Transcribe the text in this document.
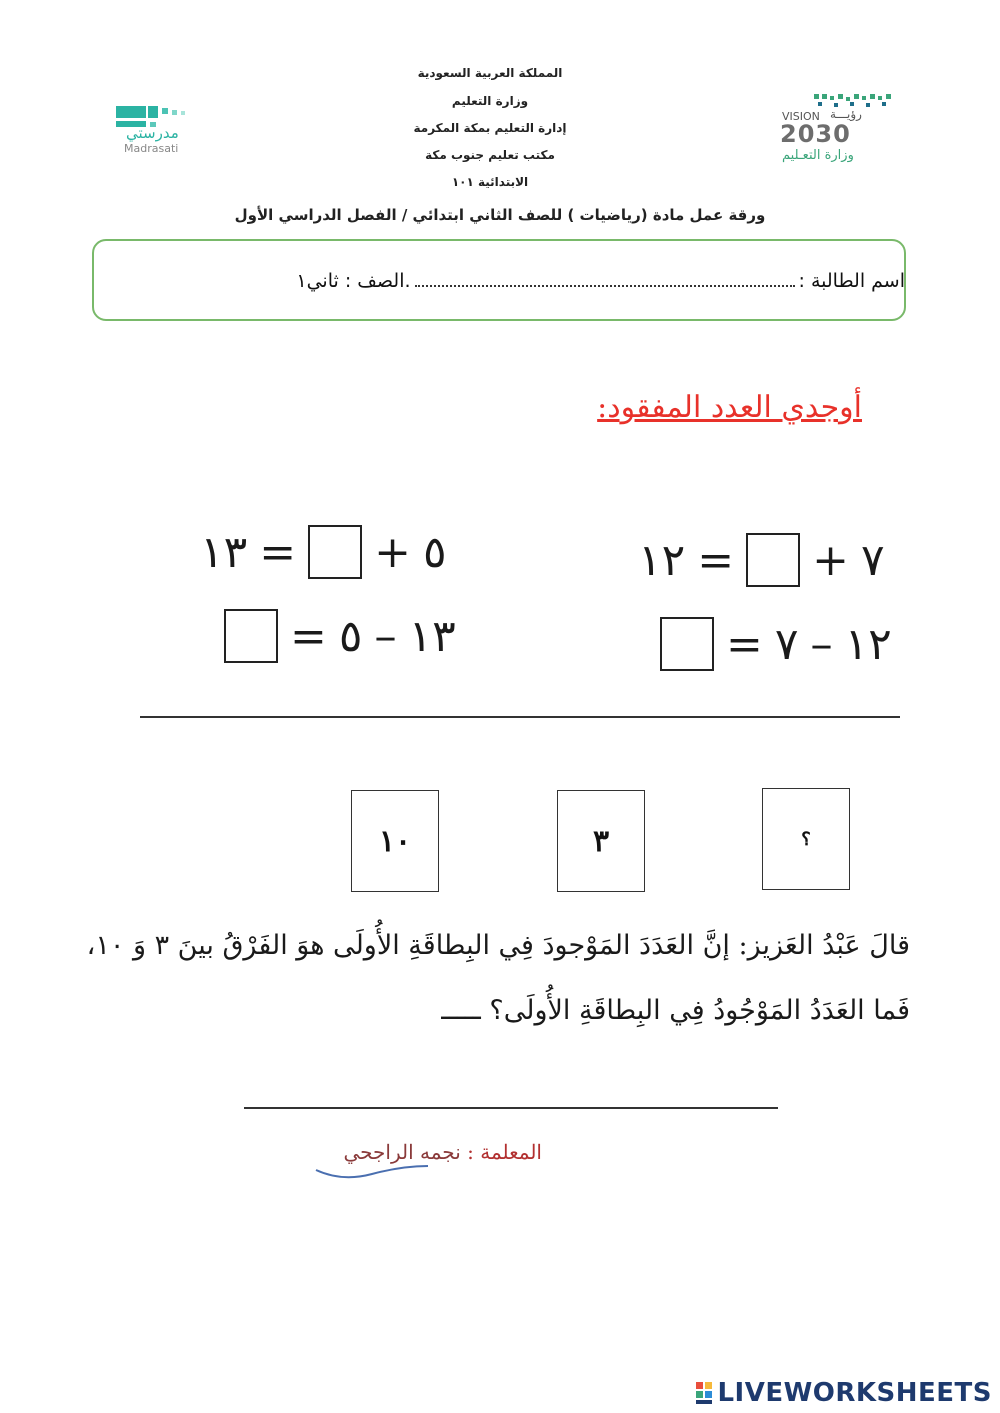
مدرستي
Madrasati
VISION رؤيـــة
2030
وزارة التعـليم
المملكة العربية السعودية
وزارة التعليم
إدارة التعليم بمكة المكرمة
مكتب تعليم جنوب مكة
الابتدائية ١٠١
ورقة عمل مادة (رياضيات ) للصف الثاني ابتدائي / الفصل الدراسي الأول
اسم الطالبة :.الصف : ثاني١
أوجدي العدد المفقود:
١٢ = + ٧
= ٧ – ١٢
١٣ = + ٥
= ٥ – ١٣
؟
٣
١٠
قالَ عَبْدُ العَزيز: إنَّ العَدَدَ المَوْجودَ فِي البِطاقَةِ الأُولَى هوَ الفَرْقُ بينَ ٣ وَ ١٠،
فَما العَدَدُ المَوْجُودُ فِي البِطاقَةِ الأُولَى؟ ـــــ
المعلمة : نجمه الراجحي
LIVEWORKSHEETS
